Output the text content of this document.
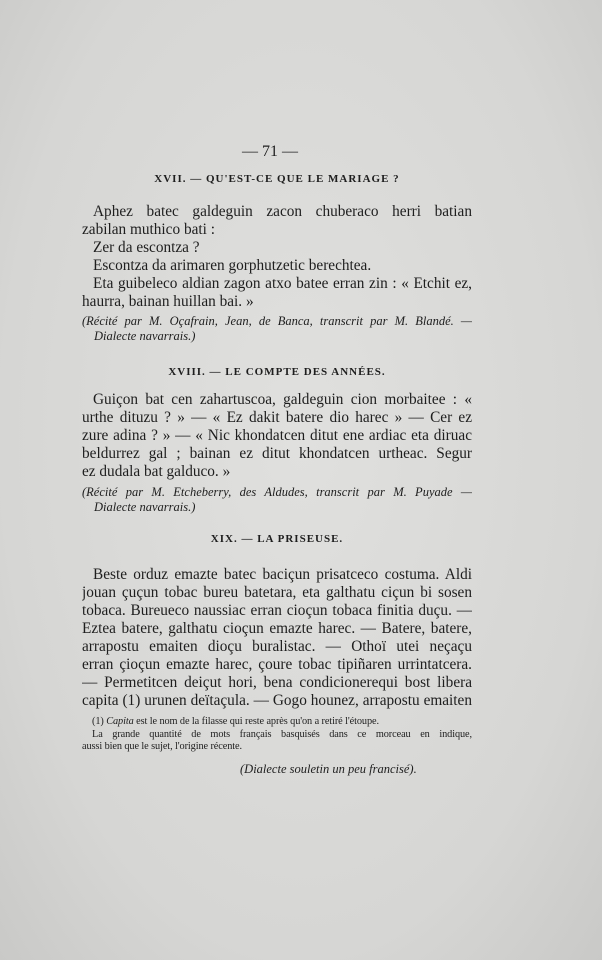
— 71 —
XVII. — QU'EST-CE QUE LE MARIAGE ?
Aphez batec galdeguin zacon chuberaco herri batian
zabilan muthico bati :
Zer da escontza ?
Escontza da arimaren gorphutzetic berechtea.
Eta guibeleco aldian zagon atxo batee erran zin : « Etchit ez,
haurra, bainan huillan bai. »
(Récité par M. Oçafrain, Jean, de Banca, transcrit par M. Blandé. —
Dialecte navarrais.)
XVIII. — LE COMPTE DES ANNÉES.
Guiçon bat cen zahartuscoa, galdeguin cion morbaitee : «
urthe dituzu ? » — « Ez dakit batere dio harec » — Cer ez
zure adina ? » — « Nic khondatcen ditut ene ardiac eta diruac
beldurrez gal ; bainan ez ditut khondatcen urtheac. Segur
ez dudala bat galduco. »
(Récité par M. Etcheberry, des Aldudes, transcrit par M. Puyade —
Dialecte navarrais.)
XIX. — LA PRISEUSE.
Beste orduz emazte batec baciçun prisatceco costuma. Aldi
jouan çuçun tobac bureu batetara, eta galthatu ciçun bi sosen
tobaca. Bureueco naussiac erran cioçun tobaca finitia duçu. —
Eztea batere, galthatu cioçun emazte harec. — Batere, batere,
arrapostu emaiten dioçu buralistac. — Othoï utei neçaçu
erran çioçun emazte harec, çoure tobac tipiñaren urrintatcera.
— Permetitcen deiçut hori, bena condicionerequi bost libera
capita (1) urunen deïtaçula. — Gogo hounez, arrapostu emaiten
(1) Capita est le nom de la filasse qui reste après qu'on a retiré l'étoupe.
La grande quantité de mots français basquisés dans ce morceau en indique,
aussi bien que le sujet, l'origine récente.
(Dialecte souletin un peu francisé).
